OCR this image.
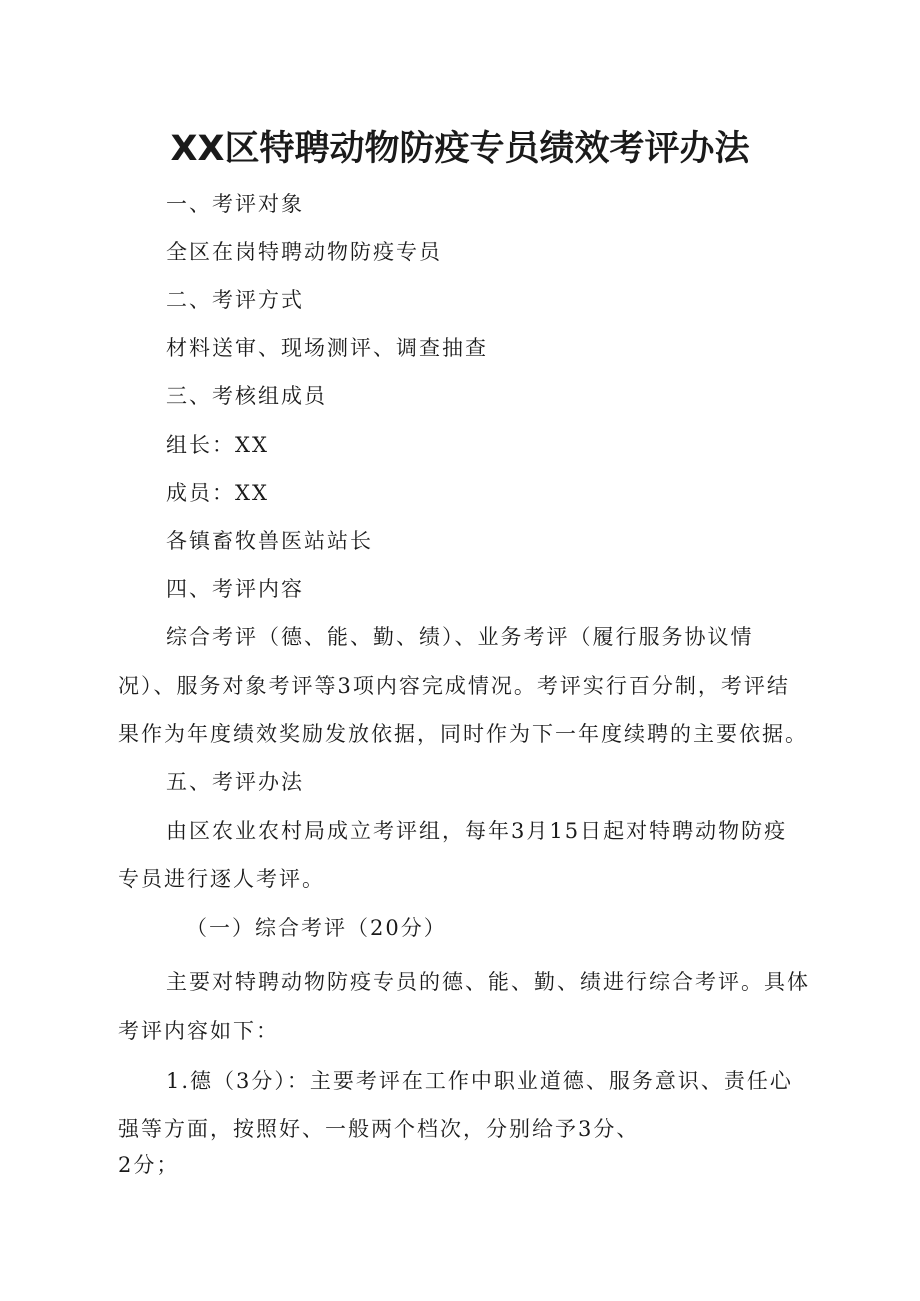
XX区特聘动物防疫专员绩效考评办法
一、考评对象
全区在岗特聘动物防疫专员
二、考评方式
材料送审、现场测评、调查抽查
三、考核组成员
组长：XX
成员：XX
各镇畜牧兽医站站长
四、考评内容
综合考评（德、能、勤、绩）、业务考评（履行服务协议情
况）、服务对象考评等3项内容完成情况。考评实行百分制，考评结
果作为年度绩效奖励发放依据，同时作为下一年度续聘的主要依据。
五、考评办法
由区农业农村局成立考评组，每年3月15日起对特聘动物防疫
专员进行逐人考评。
（一）综合考评（20分）
主要对特聘动物防疫专员的德、能、勤、绩进行综合考评。具体
考评内容如下：
1.德（3分）：主要考评在工作中职业道德、服务意识、责任心
强等方面，按照好、一般两个档次，分别给予3分、
2分；
